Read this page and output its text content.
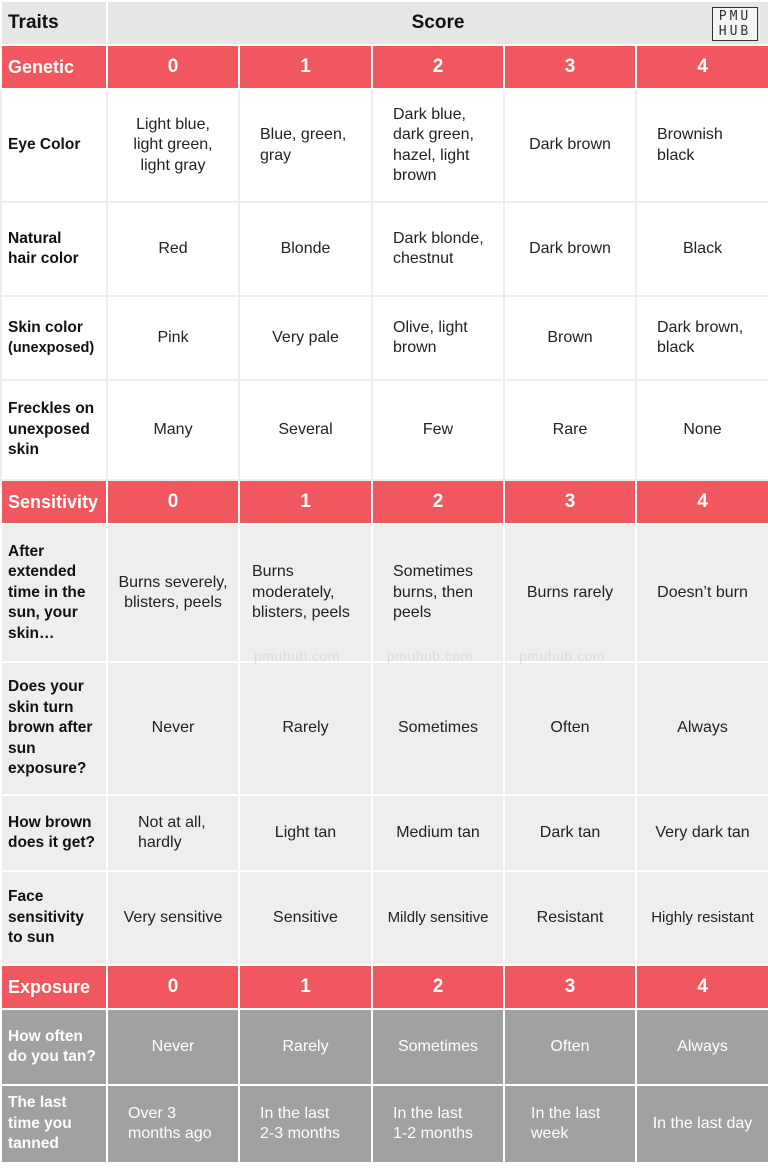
Traits	Score				
Genetic	0	1	2	3	4
Eye Color	Light blue,
light green,
light gray	Blue, green,
gray	Dark blue,
dark green,
hazel, light
brown	Dark brown	Brownish
black
Natural
hair color	Red	Blonde	Dark blonde,
chestnut	Dark brown	Black
Skin color
(unexposed)	Pink	Very pale	Olive, light
brown	Brown	Dark brown,
black
Freckles on
unexposed
skin	Many	Several	Few	Rare	None
Sensitivity	0	1	2	3	4
After
extended
time in the
sun, your
skin…	Burns severely,
blisters, peels	Burns
moderately,
blisters, peels	Sometimes
burns, then
peels	Burns rarely	Doesn’t burn
Does your
skin turn
brown after
sun
exposure?	Never	Rarely	Sometimes	Often	Always
How brown
does it get?	Not at all,
hardly	Light tan	Medium tan	Dark tan	Very dark tan
Face
sensitivity
to sun	Very sensitive	Sensitive	Mildly sensitive	Resistant	Highly resistant
Exposure	0	1	2	3	4
How often
do you tan?	Never	Rarely	Sometimes	Often	Always
The last
time you
tanned	Over 3
months ago	In the last
2-3 months	In the last
1-2 months	In the last
week	In the last day
PMU
HUB
pmuhub.com	pmuhub.com	pmuhub.com
